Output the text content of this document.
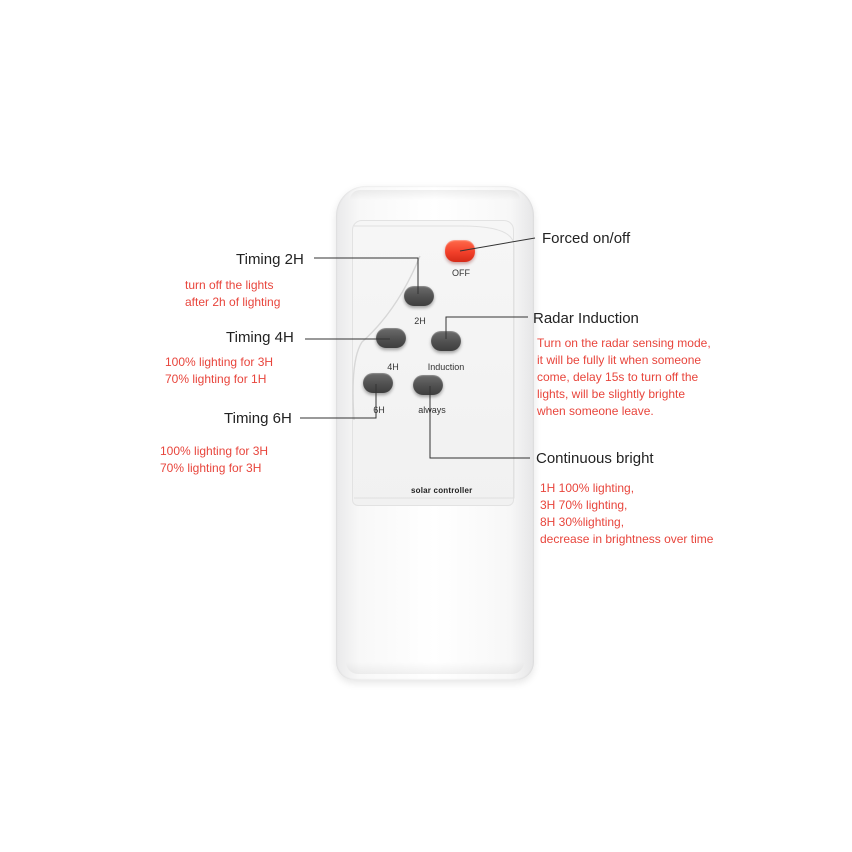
OFF
2H
4H	Induction
6H	always
solar controller
Timing 2H
turn off the lights
after 2h of lighting
Timing 4H
100% lighting for 3H
70% lighting for 1H
Timing 6H
100% lighting for 3H
70% lighting for 3H
Forced on/off
Radar Induction
Turn on the radar sensing mode,
it will be fully lit when someone
come, delay 15s to turn off the
lights, will be slightly brighte
when someone leave.
Continuous bright
1H 100% lighting,
3H 70% lighting,
8H 30%lighting,
decrease in brightness over time
